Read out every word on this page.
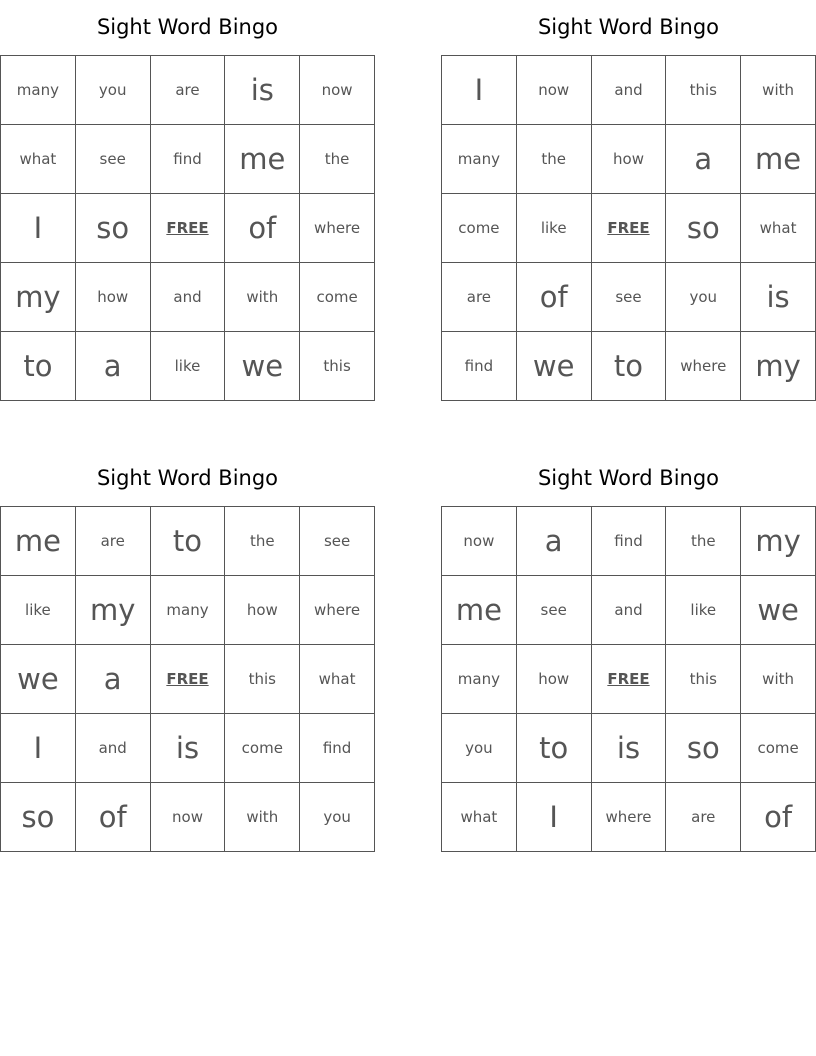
Sight Word Bingo
many	you	are	is	now
what	see	find	me	the
I	so	FREE	of	where
my	how	and	with	come
to	a	like	we	this
Sight Word Bingo
I	now	and	this	with
many	the	how	a	me
come	like	FREE	so	what
are	of	see	you	is
find	we	to	where	my
Sight Word Bingo
me	are	to	the	see
like	my	many	how	where
we	a	FREE	this	what
I	and	is	come	find
so	of	now	with	you
Sight Word Bingo
now	a	find	the	my
me	see	and	like	we
many	how	FREE	this	with
you	to	is	so	come
what	I	where	are	of
